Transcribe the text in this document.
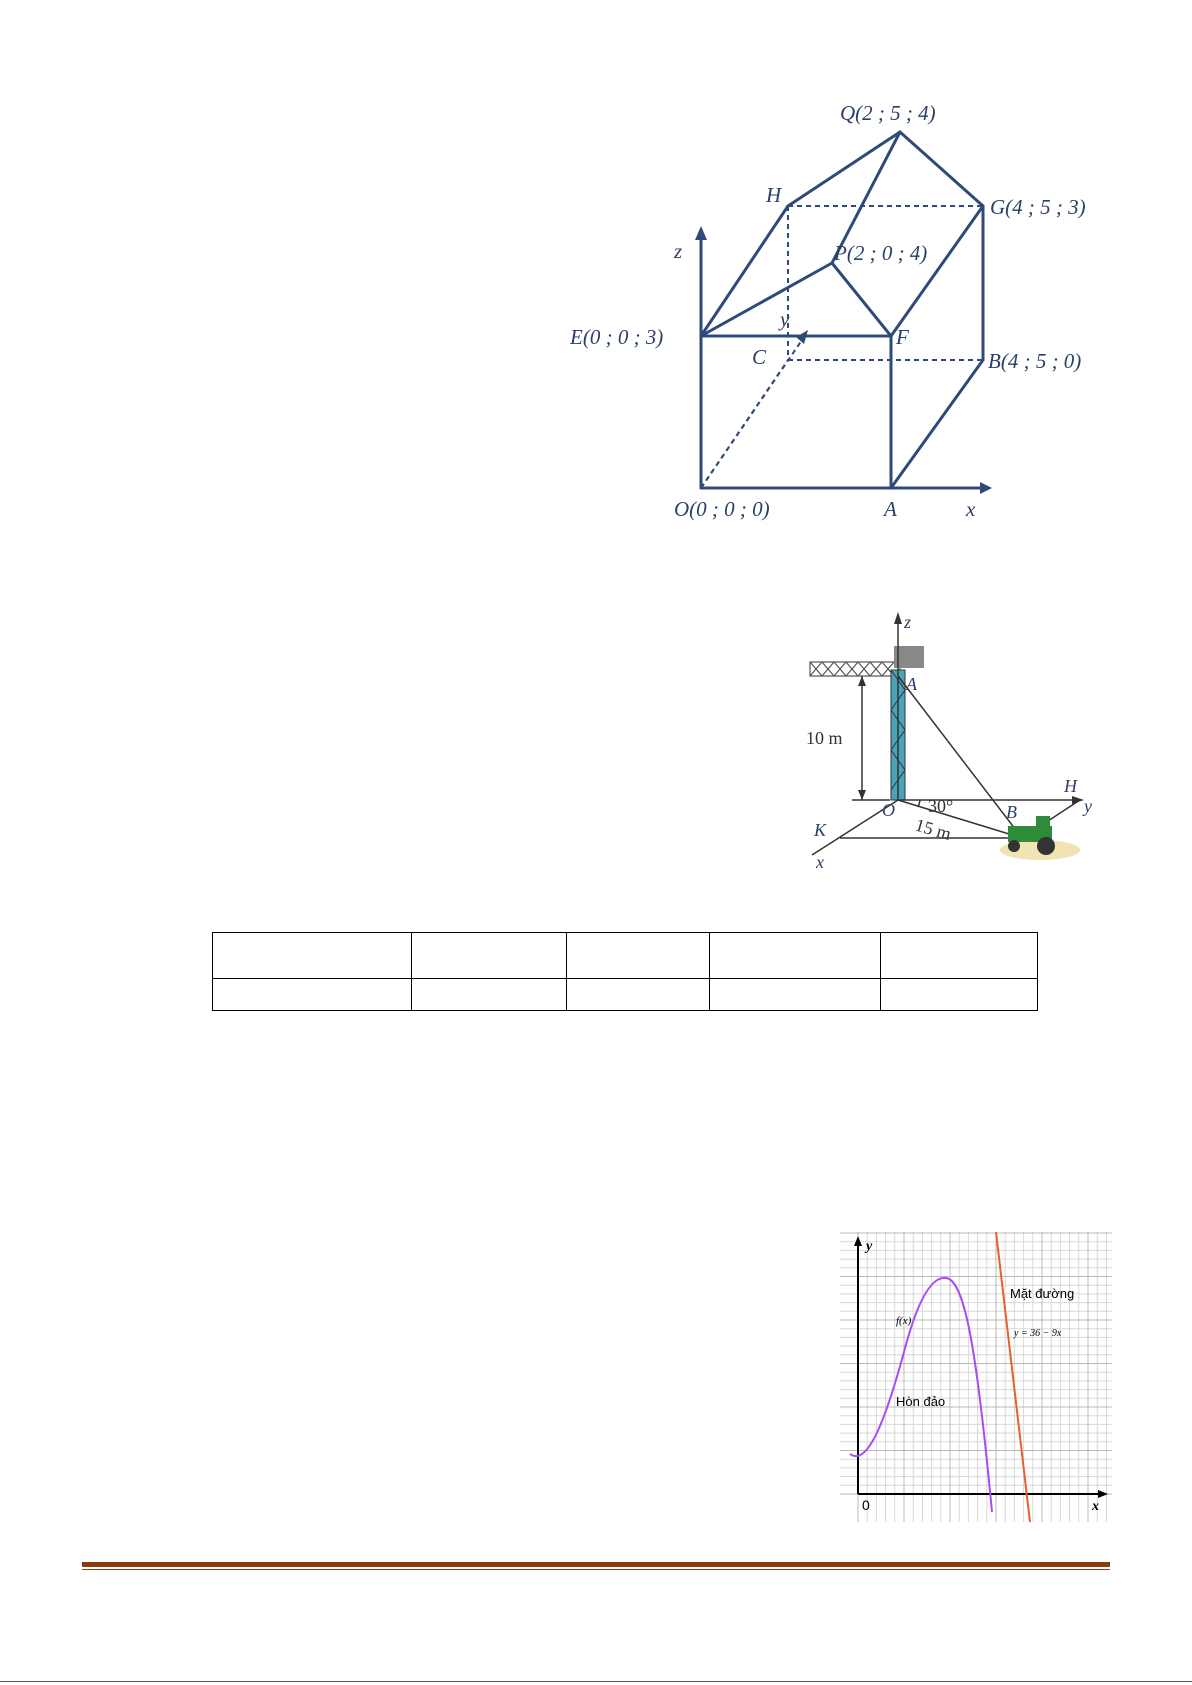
Q(2 ; 5 ; 4)
H	G(4 ; 5 ; 3)
z	P(2 ; 0 ; 4)
y
E(0 ; 0 ; 3)
C
F
B(4 ; 5 ; 0)
O(0 ; 0 ; 0)	A	x
z
A
10 m
H
y
O 30°	B
15 m
K
x

y
x
0
Mặt đường
y = 36 − 9x
f(x)
Hòn đảo
